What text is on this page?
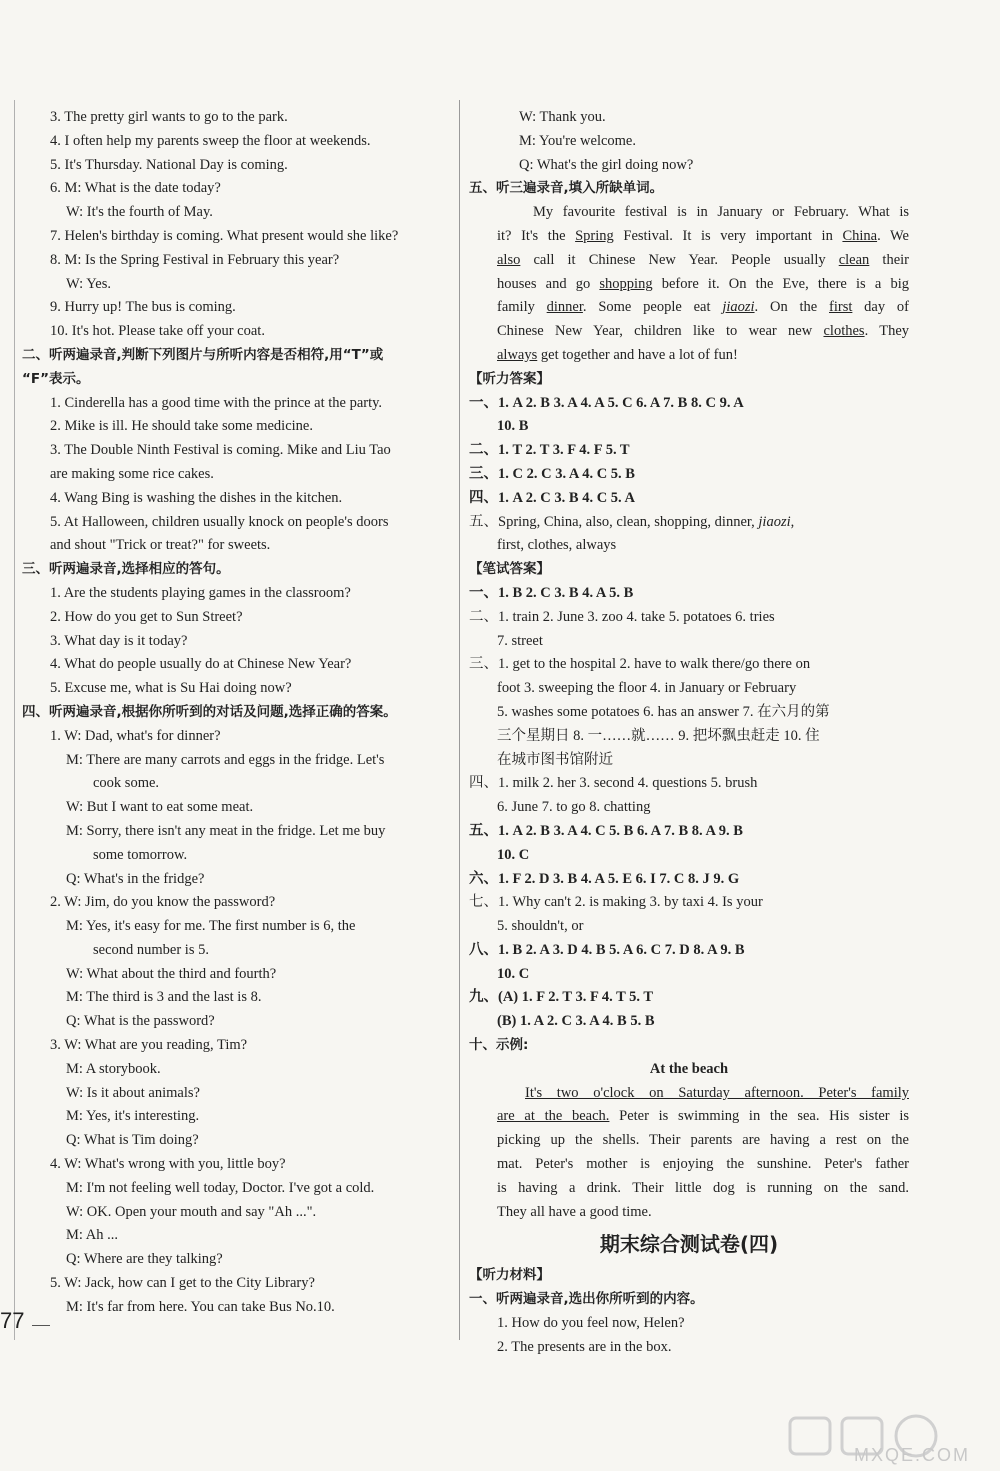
3. The pretty girl wants to go to the park.
4. I often help my parents sweep the floor at weekends.
5. It's Thursday. National Day is coming.
6. M: What is the date today?
W: It's the fourth of May.
7. Helen's birthday is coming. What present would she like?
8. M: Is the Spring Festival in February this year?
W: Yes.
9. Hurry up! The bus is coming.
10. It's hot. Please take off your coat.
二、听两遍录音,判断下列图片与所听内容是否相符,用“T”或
“F”表示。
1. Cinderella has a good time with the prince at the party.
2. Mike is ill. He should take some medicine.
3. The Double Ninth Festival is coming. Mike and Liu Tao
are making some rice cakes.
4. Wang Bing is washing the dishes in the kitchen.
5. At Halloween, children usually knock on people's doors
and shout "Trick or treat?" for sweets.
三、听两遍录音,选择相应的答句。
1. Are the students playing games in the classroom?
2. How do you get to Sun Street?
3. What day is it today?
4. What do people usually do at Chinese New Year?
5. Excuse me, what is Su Hai doing now?
四、听两遍录音,根据你所听到的对话及问题,选择正确的答案。
1. W: Dad, what's for dinner?
M: There are many carrots and eggs in the fridge. Let's
cook some.
W: But I want to eat some meat.
M: Sorry, there isn't any meat in the fridge. Let me buy
some tomorrow.
Q: What's in the fridge?
2. W: Jim, do you know the password?
M: Yes, it's easy for me. The first number is 6, the
second number is 5.
W: What about the third and fourth?
M: The third is 3 and the last is 8.
Q: What is the password?
3. W: What are you reading, Tim?
M: A storybook.
W: Is it about animals?
M: Yes, it's interesting.
Q: What is Tim doing?
4. W: What's wrong with you, little boy?
M: I'm not feeling well today, Doctor. I've got a cold.
W: OK. Open your mouth and say "Ah ...".
M: Ah ...
Q: Where are they talking?
5. W: Jack, how can I get to the City Library?
M: It's far from here. You can take Bus No.10.
W: Thank you.
M: You're welcome.
Q: What's the girl doing now?
五、听三遍录音,填入所缺单词。
My favourite festival is in January or February. What is
it? It's the Spring Festival. It is very important in China. We
also call it Chinese New Year. People usually clean their
houses and go shopping before it. On the Eve, there is a big
family dinner. Some people eat jiaozi. On the first day of
Chinese New Year, children like to wear new clothes. They
always get together and have a lot of fun!
【听力答案】
一、1. A 2. B 3. A 4. A 5. C 6. A 7. B 8. C 9. A
10. B
二、1. T 2. T 3. F 4. F 5. T
三、1. C 2. C 3. A 4. C 5. B
四、1. A 2. C 3. B 4. C 5. A
五、Spring, China, also, clean, shopping, dinner, jiaozi,
first, clothes, always
【笔试答案】
一、1. B 2. C 3. B 4. A 5. B
二、1. train 2. June 3. zoo 4. take 5. potatoes 6. tries
7. street
三、1. get to the hospital 2. have to walk there/go there on
foot 3. sweeping the floor 4. in January or February
5. washes some potatoes 6. has an answer 7. 在六月的第
三个星期日 8. 一……就…… 9. 把坏飘虫赶走 10. 住
在城市图书馆附近
四、1. milk 2. her 3. second 4. questions 5. brush
6. June 7. to go 8. chatting
五、1. A 2. B 3. A 4. C 5. B 6. A 7. B 8. A 9. B
10. C
六、1. F 2. D 3. B 4. A 5. E 6. I 7. C 8. J 9. G
七、1. Why can't 2. is making 3. by taxi 4. Is your
5. shouldn't, or
八、1. B 2. A 3. D 4. B 5. A 6. C 7. D 8. A 9. B
10. C
九、(A) 1. F 2. T 3. F 4. T 5. T
(B) 1. A 2. C 3. A 4. B 5. B
十、示例:
At the beach
It's two o'clock on Saturday afternoon. Peter's family
are at the beach. Peter is swimming in the sea. His sister is
picking up the shells. Their parents are having a rest on the
mat. Peter's mother is enjoying the sunshine. Peter's father
is having a drink. Their little dog is running on the sand.
They all have a good time.
期末综合测试卷(四)
【听力材料】
一、听两遍录音,选出你所听到的内容。
1. How do you feel now, Helen?
2. The presents are in the box.
77
MXQE.COM
